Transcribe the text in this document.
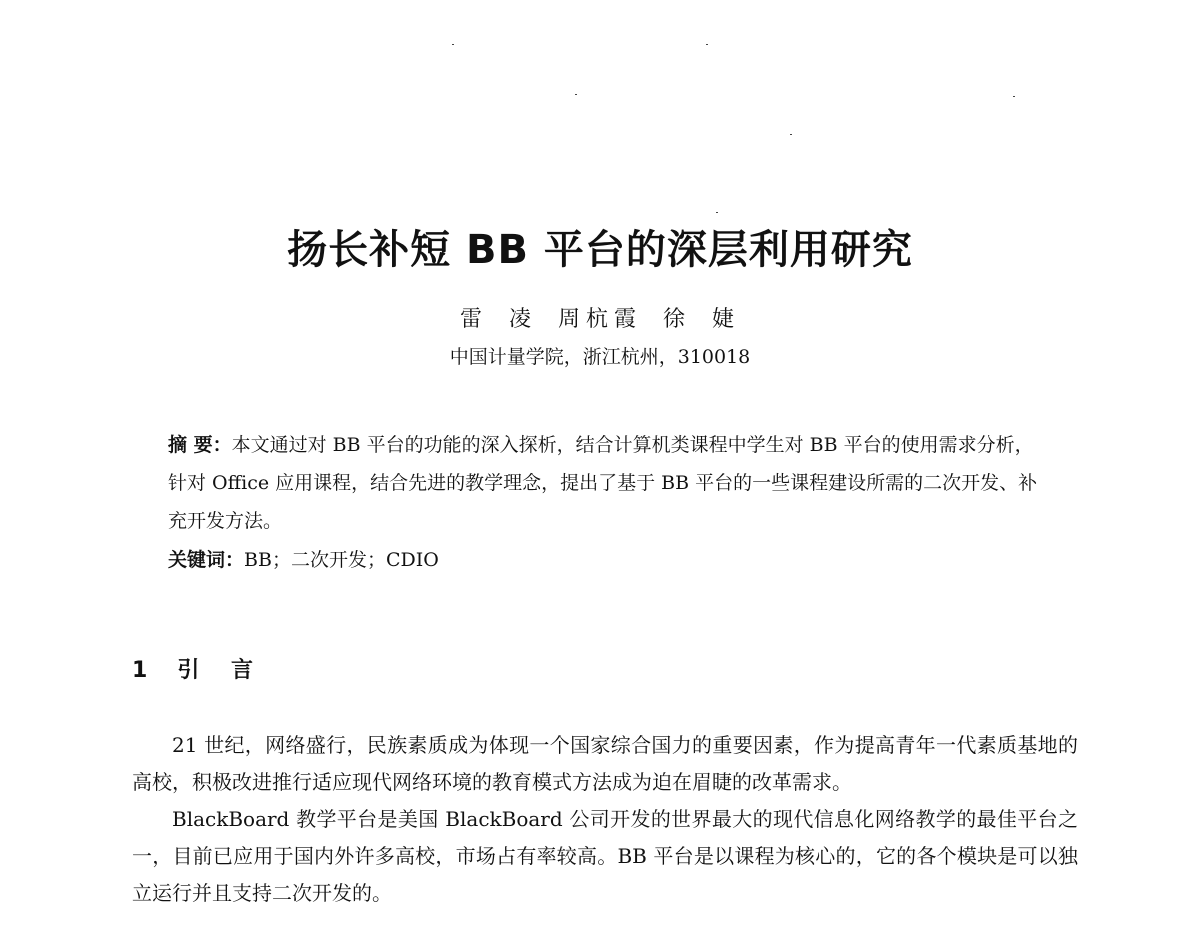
扬长补短 BB 平台的深层利用研究
雷 凌 周杭霞 徐 婕
中国计量学院，浙江杭州，310018
摘 要：本文通过对 BB 平台的功能的深入探析，结合计算机类课程中学生对 BB 平台的使用需求分析，针对 Office 应用课程，结合先进的教学理念，提出了基于 BB 平台的一些课程建设所需的二次开发、补充开发方法。
关键词：BB；二次开发；CDIO
1 引 言

21 世纪，网络盛行，民族素质成为体现一个国家综合国力的重要因素，作为提高青年一代素质基地的高校，积极改进推行适应现代网络环境的教育模式方法成为迫在眉睫的改革需求。

BlackBoard 教学平台是美国 BlackBoard 公司开发的世界最大的现代信息化网络教学的最佳平台之一，目前已应用于国内外许多高校，市场占有率较高。BB 平台是以课程为核心的，它的各个模块是可以独立运行并且支持二次开发的。
